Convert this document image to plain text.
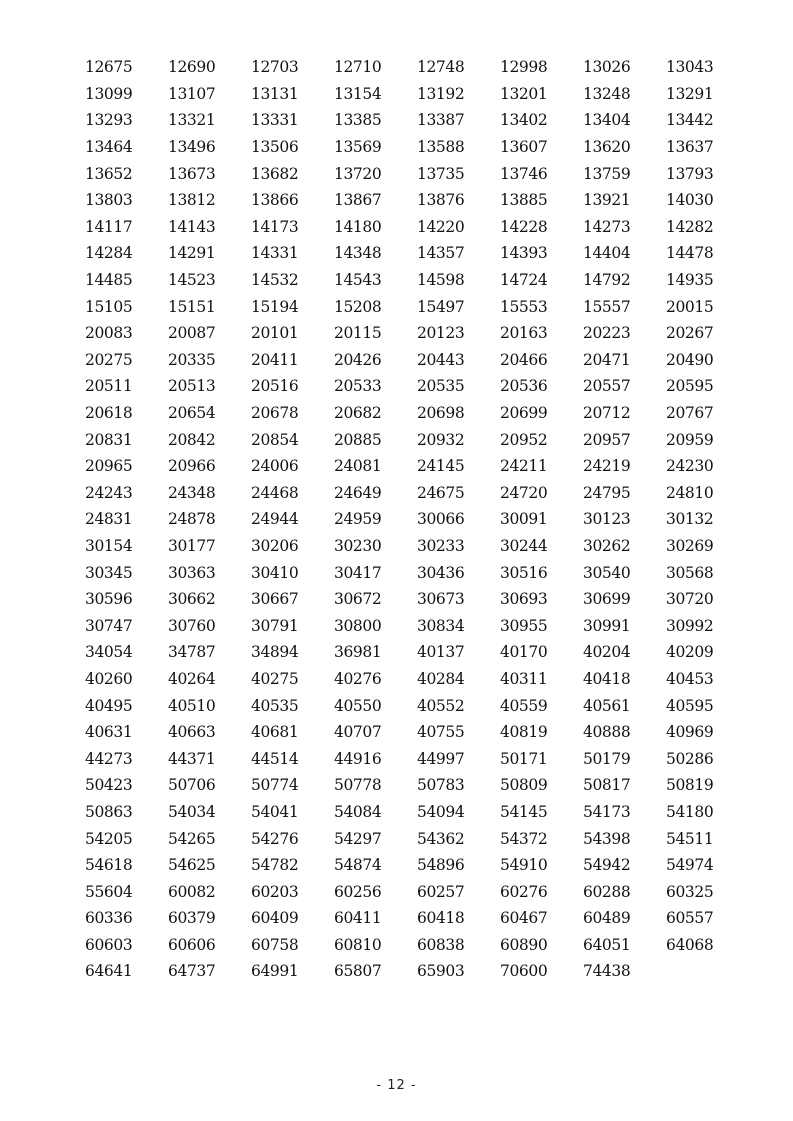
12675	12690	12703	12710	12748	12998	13026	13043
13099	13107	13131	13154	13192	13201	13248	13291
13293	13321	13331	13385	13387	13402	13404	13442
13464	13496	13506	13569	13588	13607	13620	13637
13652	13673	13682	13720	13735	13746	13759	13793
13803	13812	13866	13867	13876	13885	13921	14030
14117	14143	14173	14180	14220	14228	14273	14282
14284	14291	14331	14348	14357	14393	14404	14478
14485	14523	14532	14543	14598	14724	14792	14935
15105	15151	15194	15208	15497	15553	15557	20015
20083	20087	20101	20115	20123	20163	20223	20267
20275	20335	20411	20426	20443	20466	20471	20490
20511	20513	20516	20533	20535	20536	20557	20595
20618	20654	20678	20682	20698	20699	20712	20767
20831	20842	20854	20885	20932	20952	20957	20959
20965	20966	24006	24081	24145	24211	24219	24230
24243	24348	24468	24649	24675	24720	24795	24810
24831	24878	24944	24959	30066	30091	30123	30132
30154	30177	30206	30230	30233	30244	30262	30269
30345	30363	30410	30417	30436	30516	30540	30568
30596	30662	30667	30672	30673	30693	30699	30720
30747	30760	30791	30800	30834	30955	30991	30992
34054	34787	34894	36981	40137	40170	40204	40209
40260	40264	40275	40276	40284	40311	40418	40453
40495	40510	40535	40550	40552	40559	40561	40595
40631	40663	40681	40707	40755	40819	40888	40969
44273	44371	44514	44916	44997	50171	50179	50286
50423	50706	50774	50778	50783	50809	50817	50819
50863	54034	54041	54084	54094	54145	54173	54180
54205	54265	54276	54297	54362	54372	54398	54511
54618	54625	54782	54874	54896	54910	54942	54974
55604	60082	60203	60256	60257	60276	60288	60325
60336	60379	60409	60411	60418	60467	60489	60557
60603	60606	60758	60810	60838	60890	64051	64068
64641	64737	64991	65807	65903	70600	74438
- 12 -
